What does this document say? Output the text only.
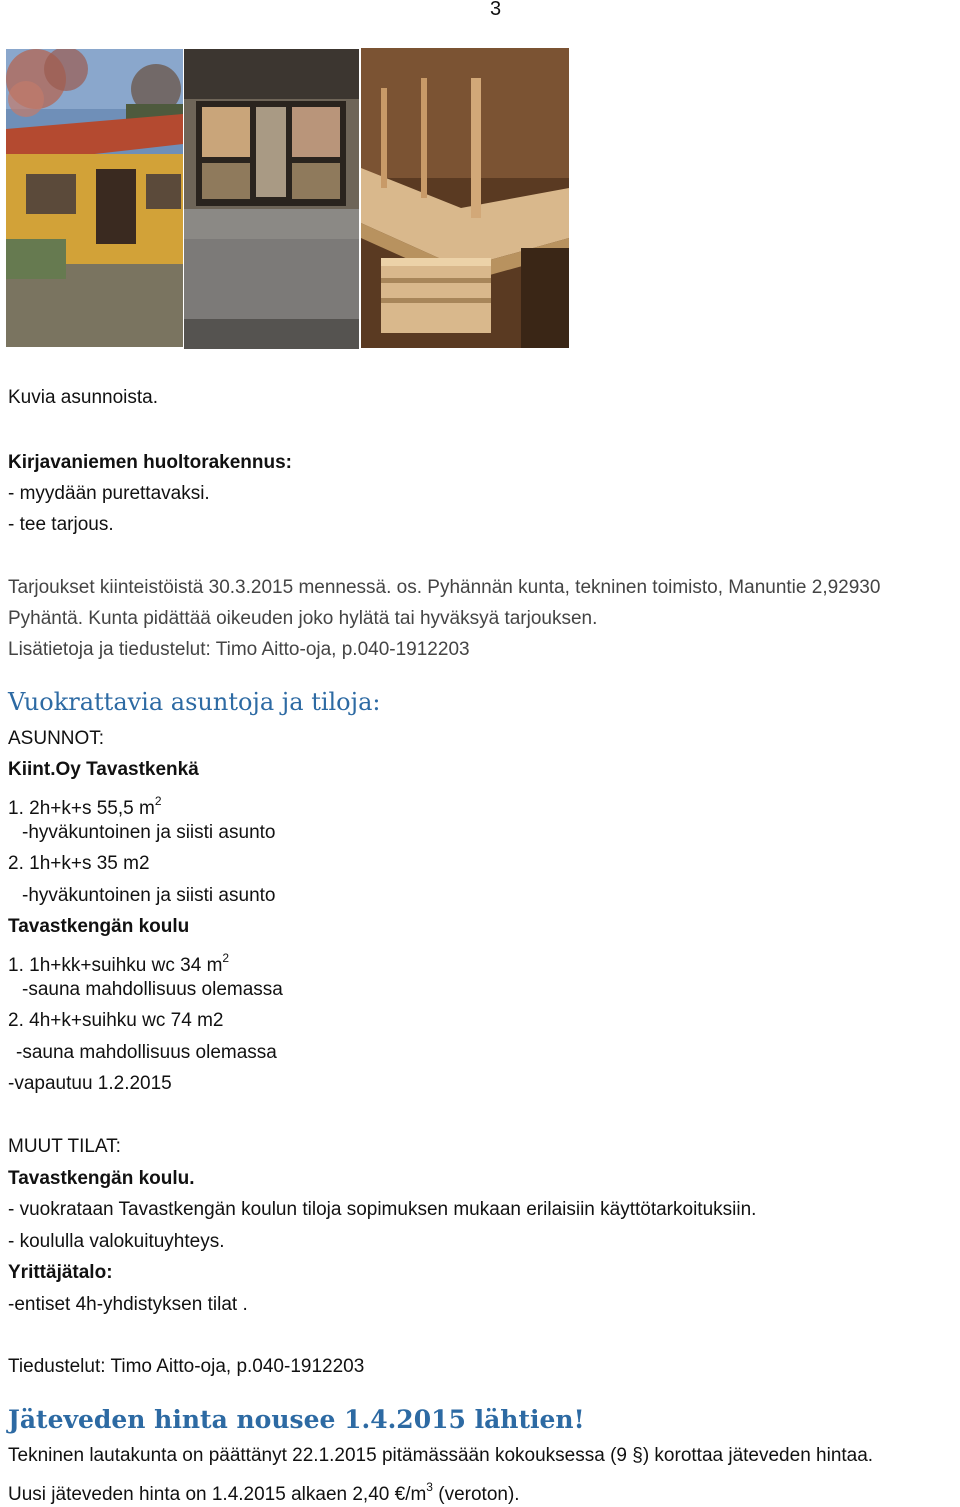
3
Kuvia asunnoista.
Kirjavaniemen huoltorakennus:
- myydään purettavaksi.
- tee tarjous.
Tarjoukset kiinteistöistä 30.3.2015 mennessä. os. Pyhännän kunta, tekninen toimisto, Manuntie 2,92930
Pyhäntä. Kunta pidättää oikeuden joko hylätä tai hyväksyä tarjouksen.
Lisätietoja ja tiedustelut: Timo Aitto-oja, p.040-1912203
Vuokrattavia asuntoja ja tiloja:
ASUNNOT:
Kiint.Oy Tavastkenkä
1. 2h+k+s 55,5 $m^2$
-hyväkuntoinen ja siisti asunto
2. 1h+k+s 35 m2
-hyväkuntoinen ja siisti asunto
Tavastkengän koulu
1. 1h+kk+suihku wc 34 $m^2$
-sauna mahdollisuus olemassa
2. 4h+k+suihku wc 74 m2
-sauna mahdollisuus olemassa
-vapautuu 1.2.2015
MUUT TILAT:
Tavastkengän koulu.
- vuokrataan Tavastkengän koulun tiloja sopimuksen mukaan erilaisiin käyttötarkoituksiin.
- koululla valokuituyhteys.
Yrittäjätalo:
-entiset 4h-yhdistyksen tilat .
Tiedustelut: Timo Aitto-oja, p.040-1912203
Jäteveden hinta nousee 1.4.2015 lähtien!
Tekninen lautakunta on päättänyt 22.1.2015 pitämässään kokouksessa (9 §) korottaa jäteveden hintaa.
Uusi jäteveden hinta on 1.4.2015 alkaen 2,40 $€/m^3$ (veroton).
